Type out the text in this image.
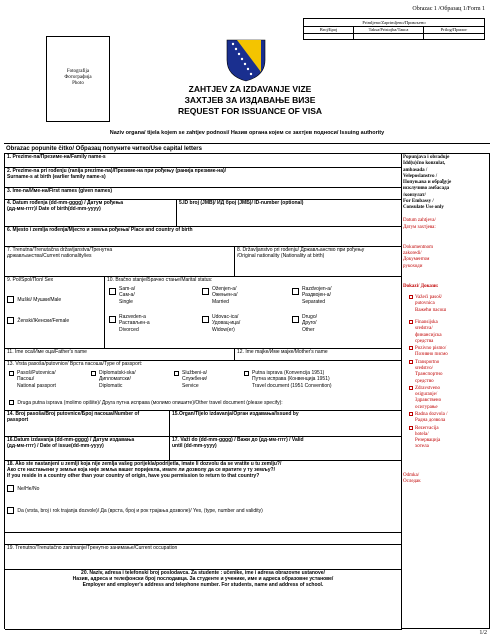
Obrazac 1 /Образац 1/Form 1
Primljeno/Zaprimljeno/Примљено
Broj/Број	Taksa/Pristojba/Такса	Prilog/Прилог
Fotografija
Фотографија
Photo
ZAHTJEV ZA IZDAVANJE VIZE
ЗАХТЈЕВ ЗА ИЗДАВАЊЕ ВИЗЕ
REQUEST FOR ISSUANCE OF VISA
Naziv organa/ tijela kojem se zahtjev podnosi/ Назив органа којем се захтјев подноси/ Issuing authority
Obrazac popunite čitko/ Образац попуните читко/Use capital letters
1. Prezime-na/Презиме-на/Family name-s
2. Prezime-na pri rođenju (ranija prezime-na)/Презиме-на при рођењу (ранија презиме-на)/
Surname-s at birth (earlier family name-s)
3. Ime-na/Име-на/First names (given names)
4. Datum rođenja (dd-mm-gggg) / Датум рођења
(дд-мм-гггг)/ Date of birth(dd-mm-yyyy)
5.ID broj (JMB)/ ИД број (ЈМБ)/ ID-number (optional)
6. Mjesto i zemlja rođenja/Мјесто и земља рођења/ Place and country of birth
7. Trenutna/Trenutačna državljanstva/Тренутна
држављанства/Current nationality/ies
8. Državljanstvo pri rođenju/ Држављанство при рођењу
/Original nationality (Nationality at birth)
9. Pol/Spol/Пол/ Sex
Muški/ Мушки/Male
Ženski/Женски/Female
10. Bračno stanje/Брачно стање/Marital status:
Sam-a/
Сам-а/
Single
Oženjen-a/
Ожењен-а/
Married
Razdvojen-a/
Раздвојен-а/
Separated
Razveden-a
Растављен-а
Divorced
Udovac-ica/
Удовац-ица/
Widow(er)
Drugo/
Друго/
Other
11. Ime oca/Име оца/Father's name	12. Ime majke/Име мајке/Mother's name
13. Vrsta pasoša/putovnice/ Врста пасоша/Type of passport:
Pasoš/Putovnica/
Пасош/
National passport
Diplomatski-ska/
Дипломатски/
Diplomatic
Službeni-a/
Службени/
Service
Putna isprava (Konvencija 1951)
Путна исправа (Конвенција 1951)
Travel document (1951 Convention)
Druga putna isprava (molimo opišite)/ Друга путна исправа (молимо опишите)/Other travel document (please specify):
14. Broj pasoša/Broj putovnice/Број пасоша/Number of
passport
15.Organ/Tijelo izdavanja/Орган издавања/Issued by
16.Datum izdavanja (dd-mm-gggg) / Датум издавања
(дд-мм-гггг) / Date of issue(dd-mm-yyyy)
17. Važi do (dd-mm-gggg) / Важи до (дд-мм-гггг) / Valid
until (dd-mm-yyyy)
18. Ako ste nastanjeni u zemlji koja nije zemlja vašeg porijekla/podrijetla, imate li dozvolu da se vratite u tu zemlju?/
Ако сте настањени у земљи која није земља вашег поријекла, имате ли дозволу да се вратите у ту земљу?/
If you reside in a country other than your country of origin, have you permission to return to that country?
Ne/Не/No
Da (vrsta, broj i rok trajanja dozvole)/ Да (врста, број и рок трајања дозволе)/ Yes, (type, number and validity)
19. Trenutno/Trenutačno zanimanje/Тренутно занимање/Current occupation
20. Naziv, adresa i telefonski broj poslodavca. Za studente : učenike, ime i adresa obrazovne ustanove/
Назив, адреса и телефонски број послодавца. За студенте и ученике, име и адреса образовне установе/
Employer and employer's address and telephone number. For students, name and address of school.
Popunjava i obrađuje
Idd(u)čno konzulat,
ambasada /
Veleposlanstvo /
Попуњава и обрађује
исклучиво амбасада
/конзулат/
For Embassy /
Consulate Use only
Datum zahtjeva/
Датум захтјева:
Dokumentnom
zakoredi/
Документом
рукоходи
Dokazi/ Докази:
Važeći pasoš/
putovnica
Важећи пасош
Finansijska
sredstva/
финансијска
средства
Pozivno pismo/
Позивно писмо
Transportno
sredstvo/
Транспортно
средство
Zdravstveno
osiguranje/
Здравствено
осигурање
Radna dozvola /
Радна дозвола
Rezervacija
hotela/
Резервација
хотела
Odmka/
Оследак
1/2
